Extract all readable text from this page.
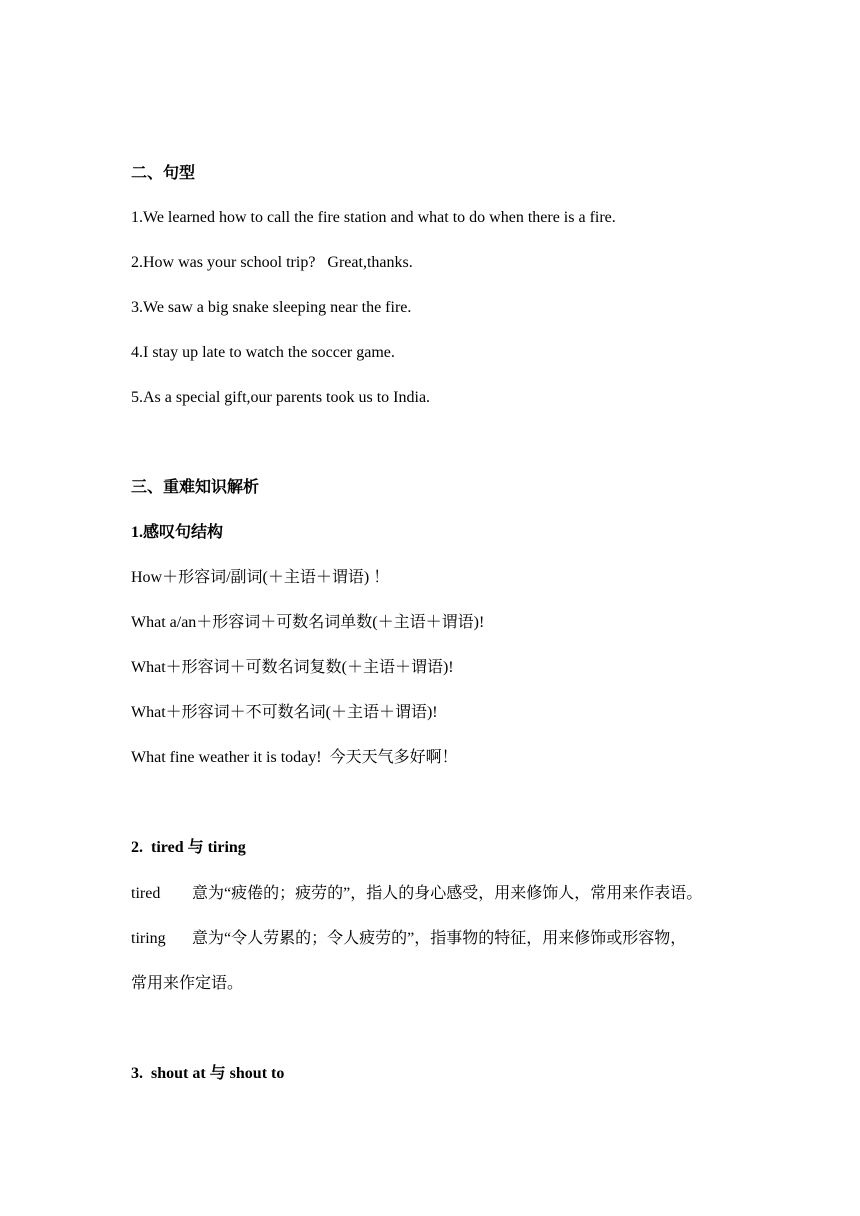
二、句型
1.We learned how to call the fire station and what to do when there is a fire.
2.How was your school trip?   Great,thanks.
3.We saw a big snake sleeping near the fire.
4.I stay up late to watch the soccer game.
5.As a special gift,our parents took us to India.
三、重难知识解析
1.感叹句结构
How＋形容词/副词(＋主语＋谓语) ！
What a/an＋形容词＋可数名词单数(＋主语＋谓语)!
What＋形容词＋可数名词复数(＋主语＋谓语)!
What＋形容词＋不可数名词(＋主语＋谓语)!
What fine weather it is today!  今天天气多好啊！
2.  tired 与 tiring
tired 意为“疲倦的；疲劳的”，指人的身心感受，用来修饰人，常用来作表语。
tiring 意为“令人劳累的；令人疲劳的”，指事物的特征，用来修饰或形容物，
常用来作定语。
3.  shout at 与 shout to
